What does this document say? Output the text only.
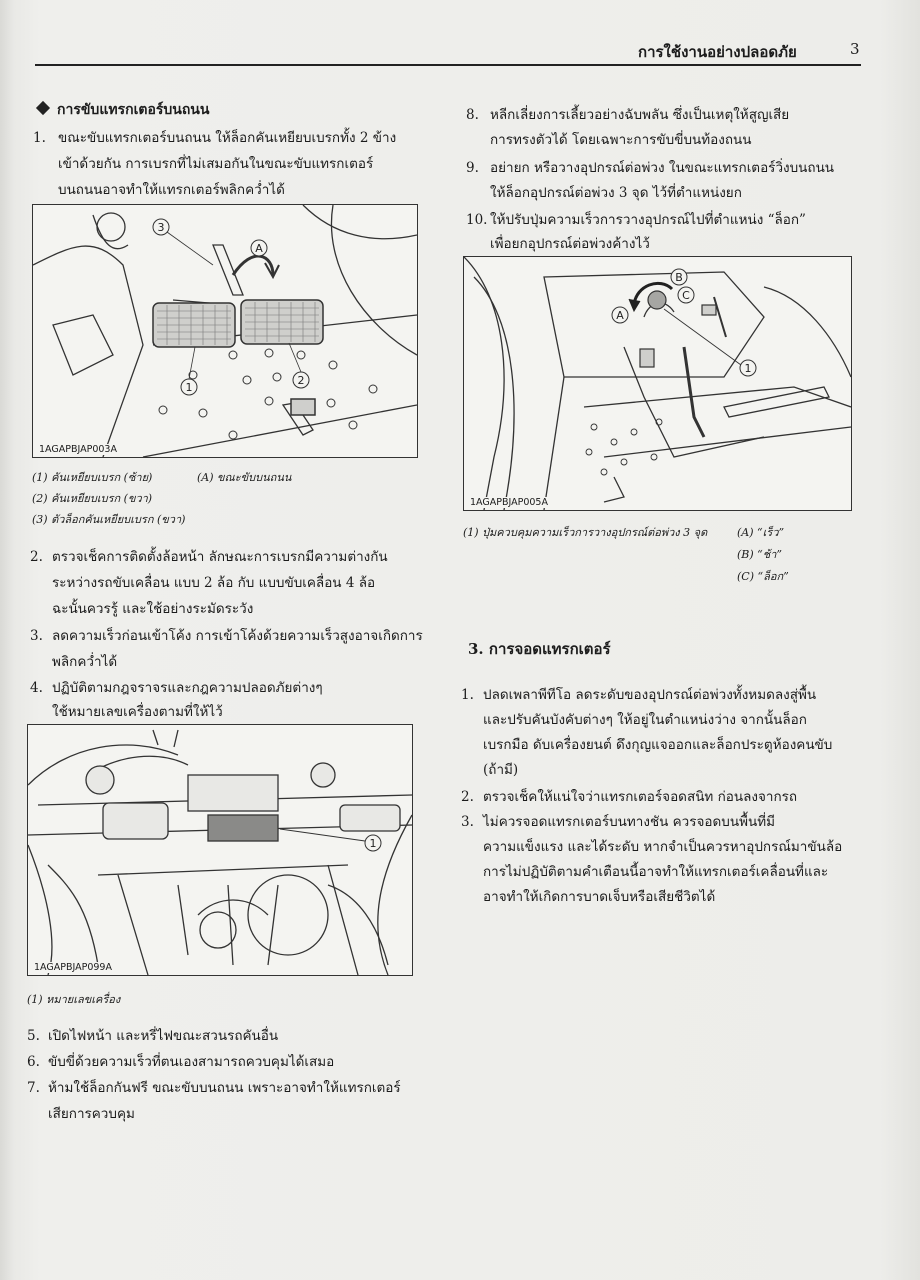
การใช้งานอย่างปลอดภัย	3
การขับแทรกเตอร์บนถนน
1. ขณะขับแทรกเตอร์บนถนน ให้ล็อกคันเหยียบเบรกทั้ง 2 ข้าง
เข้าด้วยกัน การเบรกที่ไม่เสมอกันในขณะขับแทรกเตอร์
บนถนนอาจทำให้แทรกเตอร์พลิกคว่ำได้
3
A
1
2
1AGAPBJAP003A
(1) คันเหยียบเบรก (ซ้าย)	(A) ขณะขับบนถนน
(2) คันเหยียบเบรก (ขวา)
(3) ตัวล็อกคันเหยียบเบรก (ขวา)
2. ตรวจเช็คการติดตั้งล้อหน้า ลักษณะการเบรกมีความต่างกัน
ระหว่างรถขับเคลื่อน แบบ 2 ล้อ กับ แบบขับเคลื่อน 4 ล้อ
ฉะนั้นควรรู้ และใช้อย่างระมัดระวัง
3. ลดความเร็วก่อนเข้าโค้ง การเข้าโค้งด้วยความเร็วสูงอาจเกิดการ
พลิกคว่ำได้
4. ปฏิบัติตามกฎจราจรและกฎความปลอดภัยต่างๆ
ใช้หมายเลขเครื่องตามที่ให้ไว้
1
1AGAPBJAP099A
(1) หมายเลขเครื่อง
5. เปิดไฟหน้า และหรี่ไฟขณะสวนรถคันอื่น
6. ขับขี่ด้วยความเร็วที่ตนเองสามารถควบคุมได้เสมอ
7. ห้ามใช้ล็อกกันฟรี ขณะขับบนถนน เพราะอาจทำให้แทรกเตอร์
เสียการควบคุม
8. หลีกเลี่ยงการเลี้ยวอย่างฉับพลัน ซึ่งเป็นเหตุให้สูญเสีย
การทรงตัวได้ โดยเฉพาะการขับขี่บนท้องถนน
9. อย่ายก หรือวางอุปกรณ์ต่อพ่วง ในขณะแทรกเตอร์วิ่งบนถนน
ให้ล็อกอุปกรณ์ต่อพ่วง 3 จุด ไว้ที่ตำแหน่งยก
10. ให้ปรับปุ่มความเร็วการวางอุปกรณ์ไปที่ตำแหน่ง “ล็อก”
เพื่อยกอุปกรณ์ต่อพ่วงค้างไว้
B
A
C
1
1AGAPBJAP005A
(1) ปุ่มควบคุมความเร็วการวางอุปกรณ์ต่อพ่วง 3 จุด	(A) “เร็ว”
(B) “ช้า”
(C) “ล็อก”
3. การจอดแทรกเตอร์
1. ปลดเพลาพีทีโอ ลดระดับของอุปกรณ์ต่อพ่วงทั้งหมดลงสู่พื้น
และปรับคันบังคับต่างๆ ให้อยู่ในตำแหน่งว่าง จากนั้นล็อก
เบรกมือ ดับเครื่องยนต์ ดึงกุญแจออกและล็อกประตูห้องคนขับ
(ถ้ามี)
2. ตรวจเช็คให้แน่ใจว่าแทรกเตอร์จอดสนิท ก่อนลงจากรถ
3. ไม่ควรจอดแทรกเตอร์บนทางชัน ควรจอดบนพื้นที่มี
ความแข็งแรง และได้ระดับ หากจำเป็นควรหาอุปกรณ์มาขันล้อ
การไม่ปฏิบัติตามคำเตือนนี้อาจทำให้แทรกเตอร์เคลื่อนที่และ
อาจทำให้เกิดการบาดเจ็บหรือเสียชีวิตได้
